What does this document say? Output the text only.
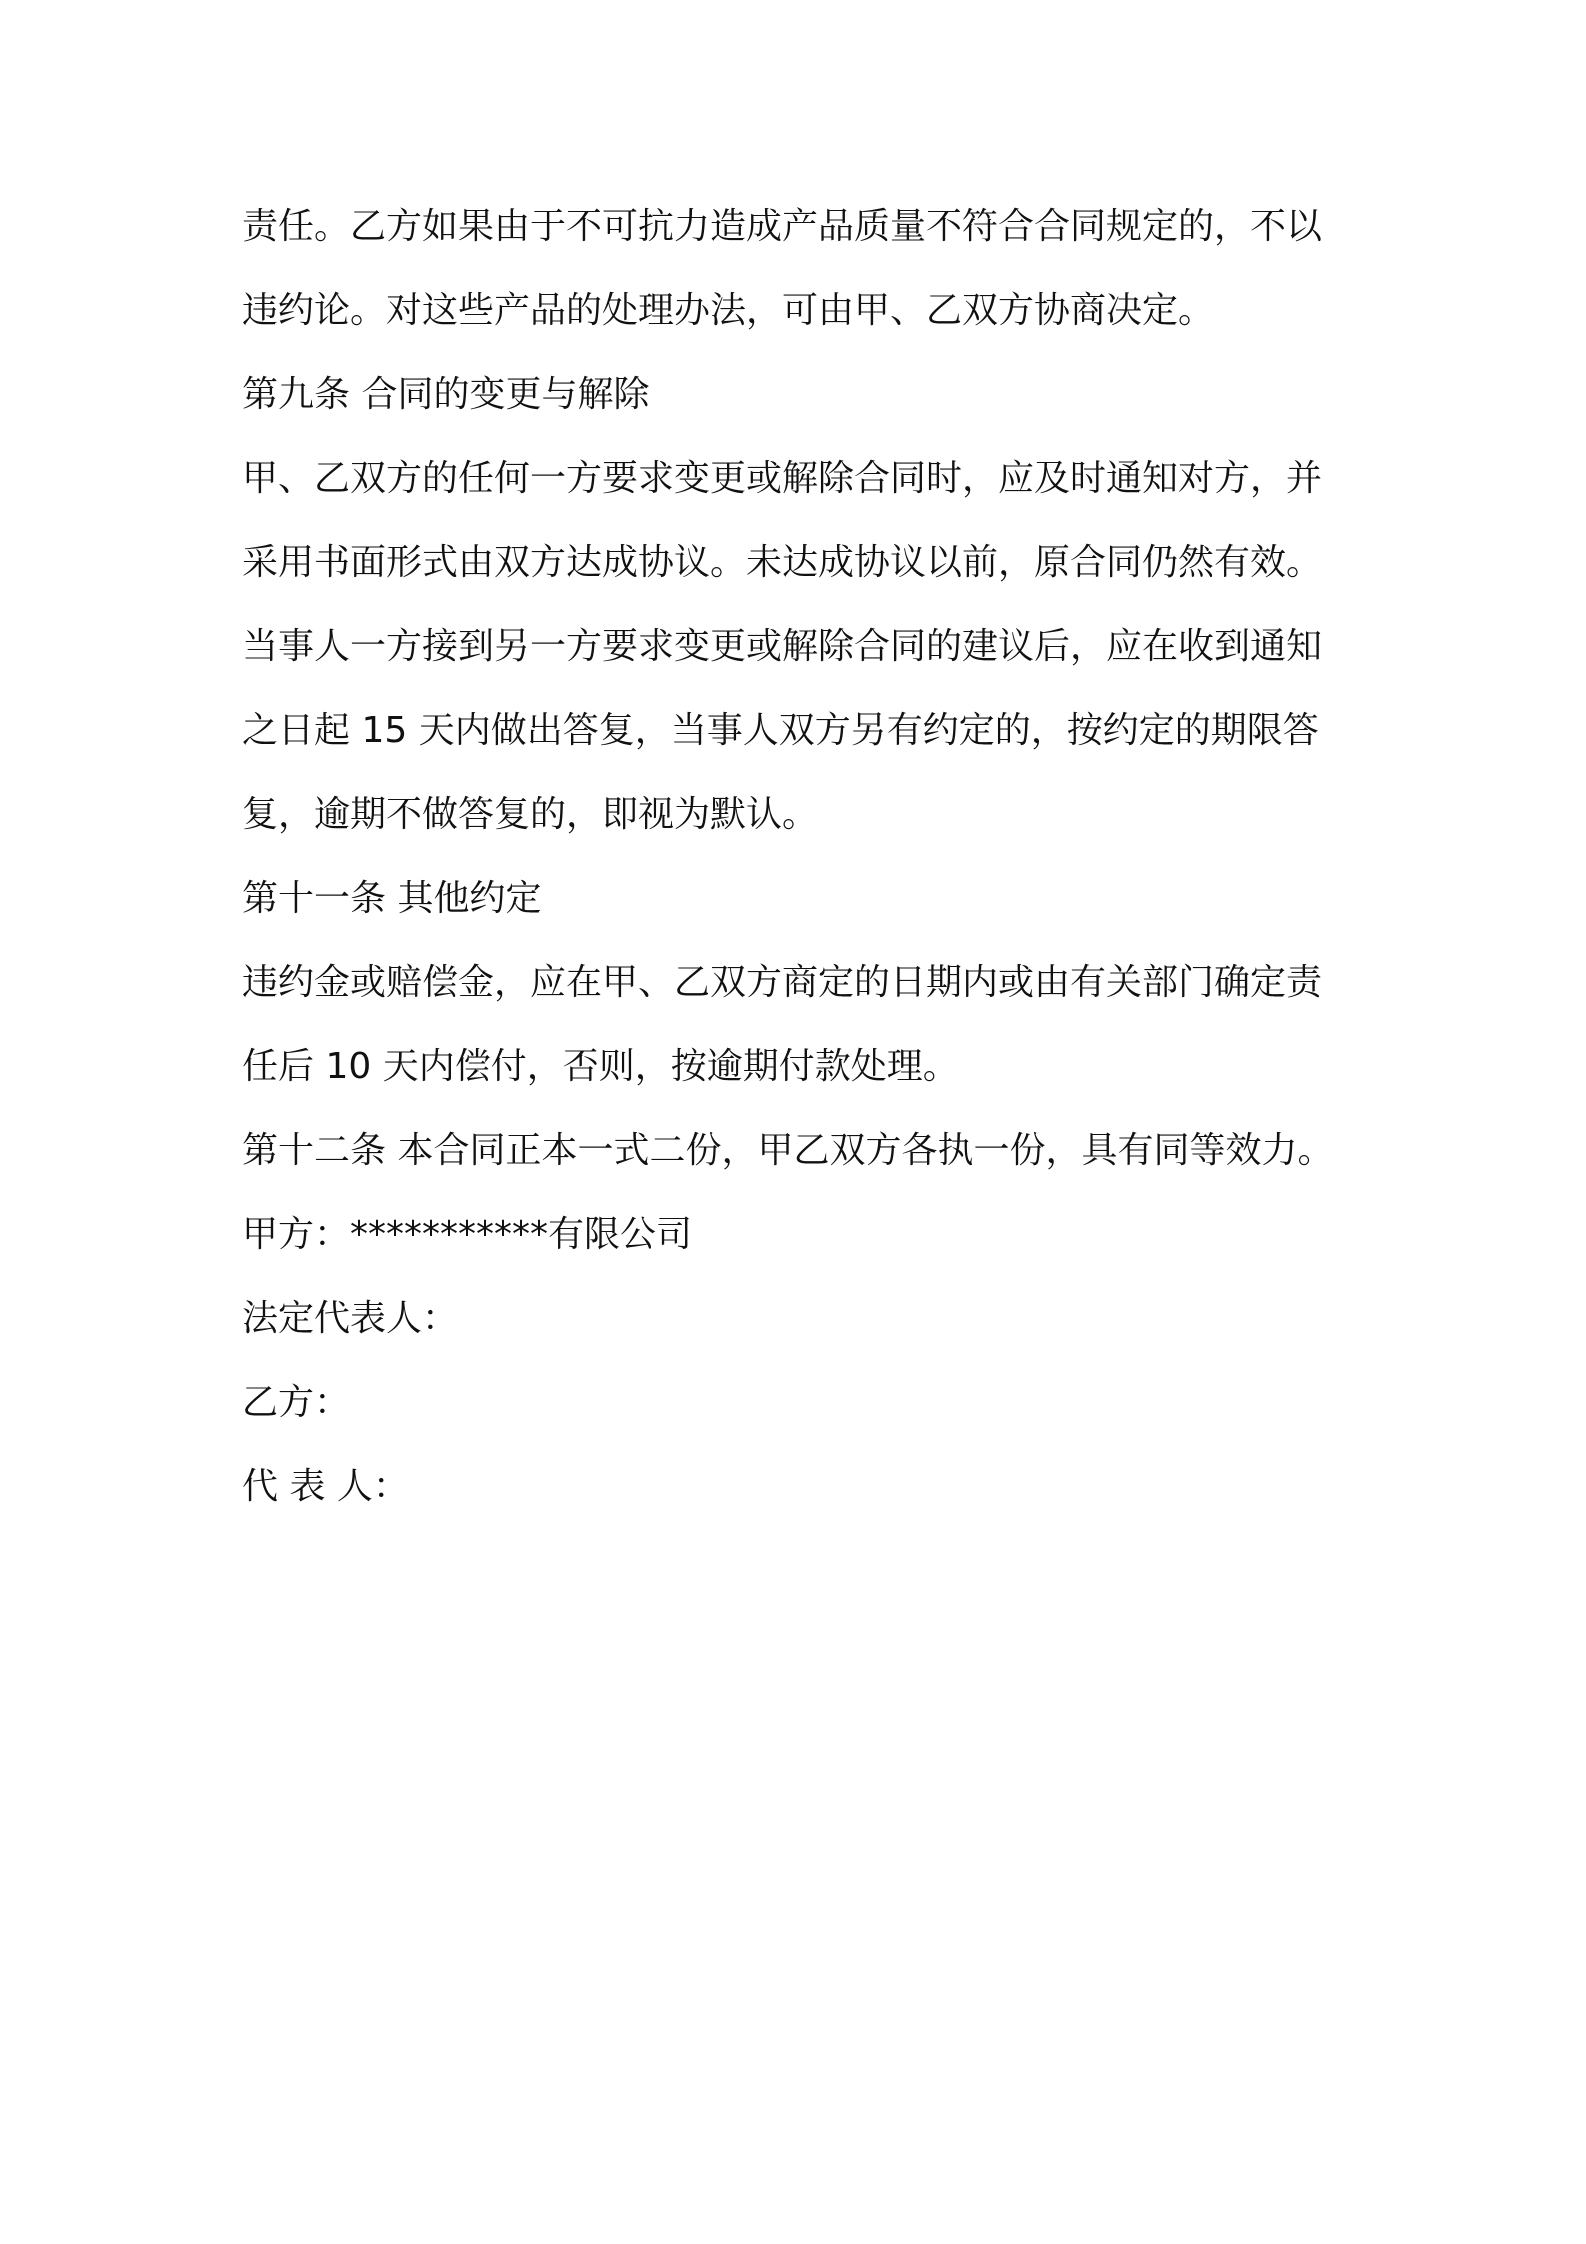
责任。乙方如果由于不可抗力造成产品质量不符合合同规定的，不以
违约论。对这些产品的处理办法，可由甲、乙双方协商决定。
第九条 合同的变更与解除
甲、乙双方的任何一方要求变更或解除合同时，应及时通知对方，并
采用书面形式由双方达成协议。未达成协议以前，原合同仍然有效。
当事人一方接到另一方要求变更或解除合同的建议后，应在收到通知
之日起 15 天内做出答复，当事人双方另有约定的，按约定的期限答
复，逾期不做答复的，即视为默认。
第十一条 其他约定
违约金或赔偿金，应在甲、乙双方商定的日期内或由有关部门确定责
任后 10 天内偿付，否则，按逾期付款处理。
第十二条 本合同正本一式二份，甲乙双方各执一份，具有同等效力。
甲方：***********有限公司
法定代表人：
乙方：
代 表 人：
